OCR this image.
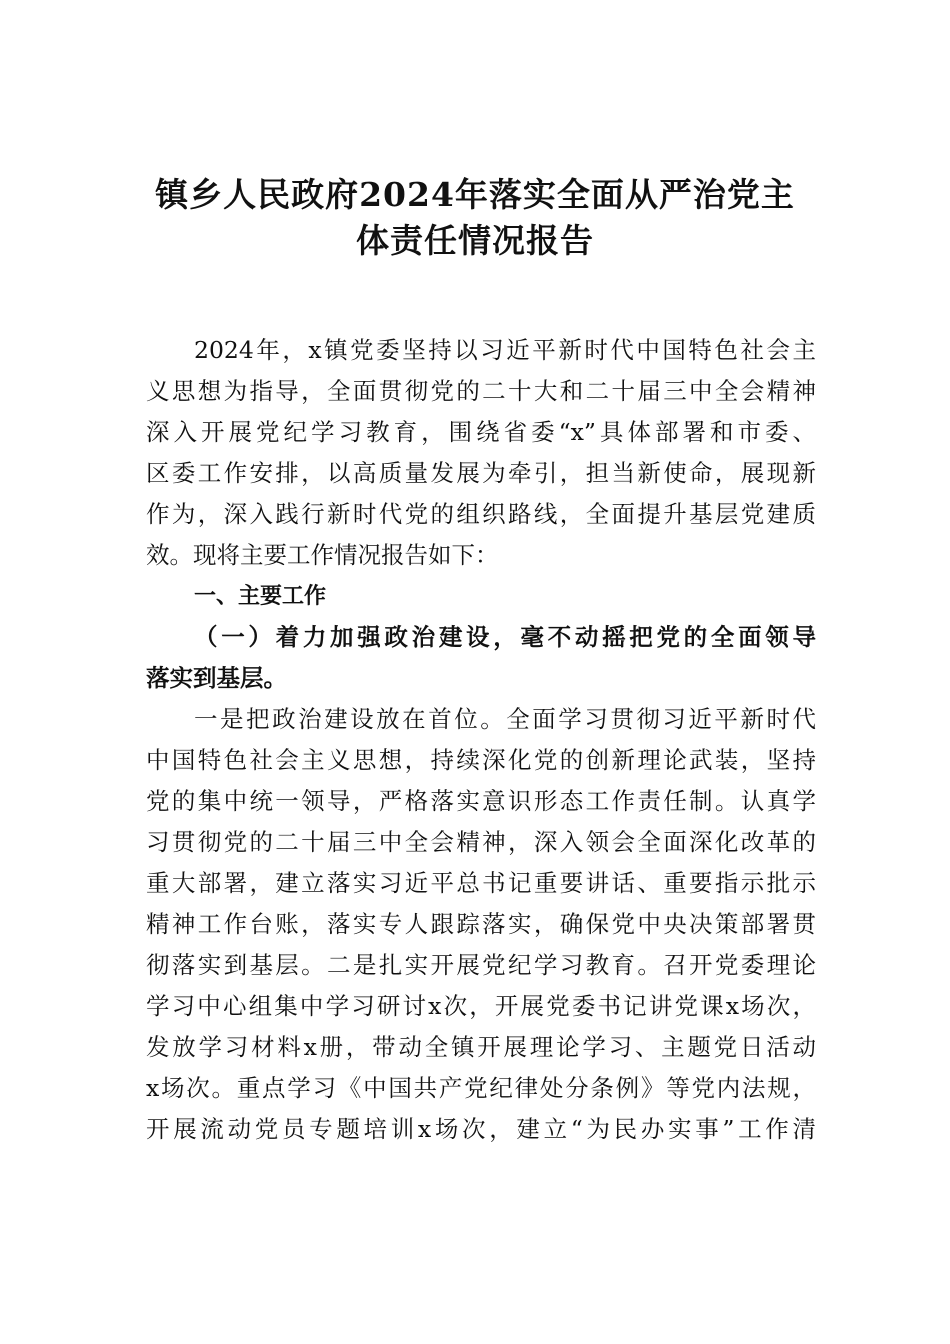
镇乡人民政府2024年落实全面从严治党主
体责任情况报告
2024年，x镇党委坚持以习近平新时代中国特色社会主
义思想为指导，全面贯彻党的二十大和二十届三中全会精神
深入开展党纪学习教育，围绕省委“x”具体部署和市委、
区委工作安排，以高质量发展为牵引，担当新使命，展现新
作为，深入践行新时代党的组织路线，全面提升基层党建质
效。现将主要工作情况报告如下：
一、主要工作
（一）着力加强政治建设，毫不动摇把党的全面领导
落实到基层。
一是把政治建设放在首位。全面学习贯彻习近平新时代
中国特色社会主义思想，持续深化党的创新理论武装，坚持
党的集中统一领导，严格落实意识形态工作责任制。认真学
习贯彻党的二十届三中全会精神，深入领会全面深化改革的
重大部署，建立落实习近平总书记重要讲话、重要指示批示
精神工作台账，落实专人跟踪落实，确保党中央决策部署贯
彻落实到基层。二是扎实开展党纪学习教育。召开党委理论
学习中心组集中学习研讨x次，开展党委书记讲党课x场次，
发放学习材料x册，带动全镇开展理论学习、主题党日活动
x场次。重点学习《中国共产党纪律处分条例》等党内法规，
开展流动党员专题培训x场次，建立“为民办实事”工作清
